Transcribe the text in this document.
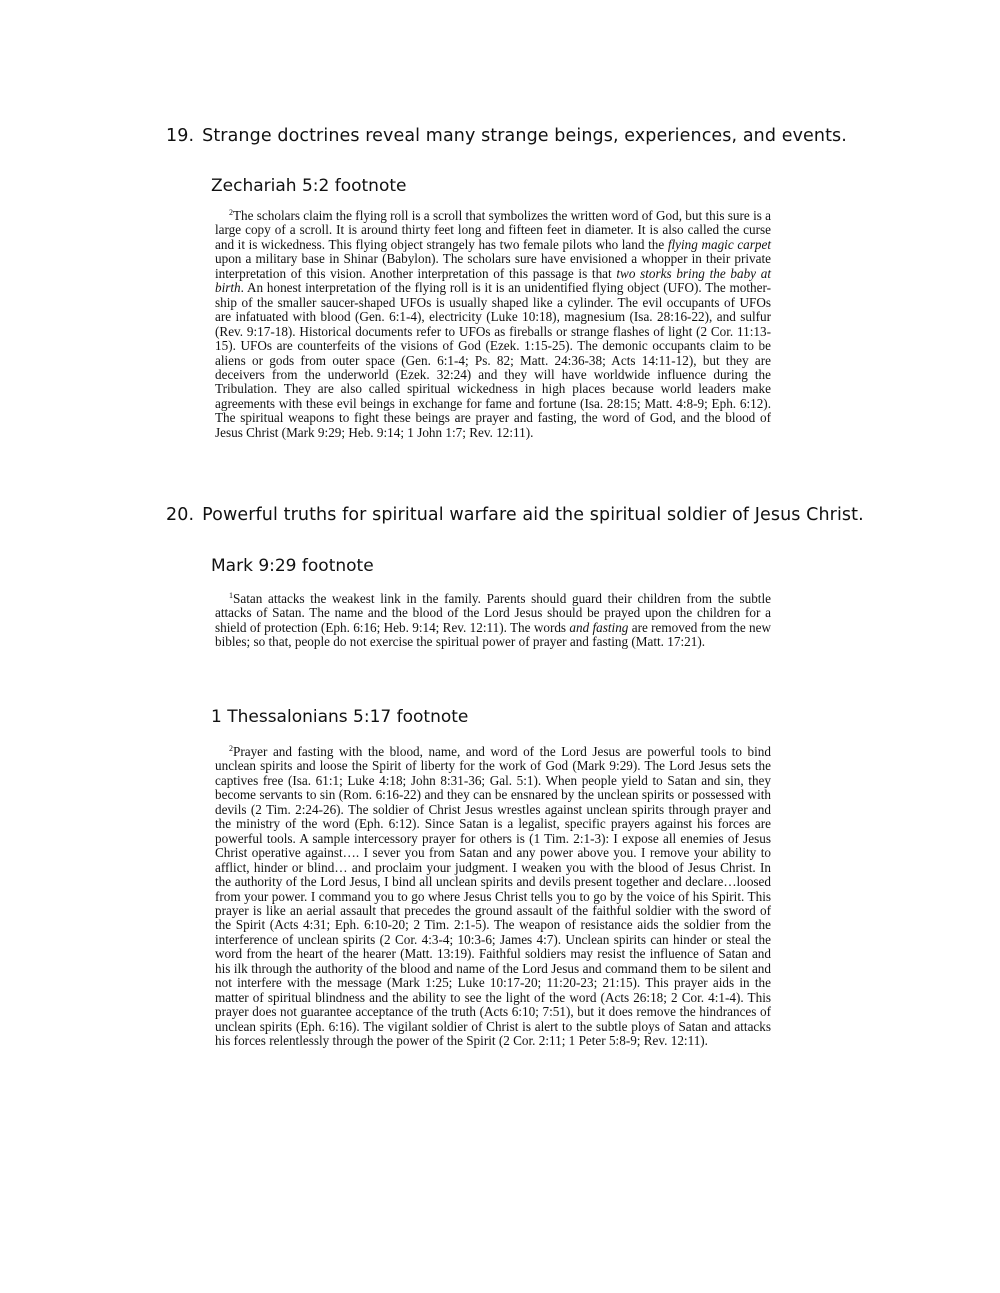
19. Strange doctrines reveal many strange beings, experiences, and events.
Zechariah 5:2 footnote

$^2$The scholars claim the flying roll is a scroll that symbolizes the written word of God, but this sure is a large copy of a scroll. It is around thirty feet long and fifteen feet in diameter. It is also called the curse and it is wickedness. This flying object strangely has two female pilots who land the flying magic carpet upon a military base in Shinar (Babylon). The scholars sure have envisioned a whopper in their private interpretation of this vision. Another interpretation of this passage is that two storks bring the baby at birth. An honest interpretation of the flying roll is it is an unidentified flying object (UFO). The mother-ship of the smaller saucer-shaped UFOs is usually shaped like a cylinder. The evil occupants of UFOs are infatuated with blood (Gen. 6:1-4), electricity (Luke 10:18), magnesium (Isa. 28:16-22), and sulfur (Rev. 9:17-18). Historical documents refer to UFOs as fireballs or strange flashes of light (2 Cor. 11:13-15). UFOs are counterfeits of the visions of God (Ezek. 1:15-25). The demonic occupants claim to be aliens or gods from outer space (Gen. 6:1-4; Ps. 82; Matt. 24:36-38; Acts 14:11-12), but they are deceivers from the underworld (Ezek. 32:24) and they will have worldwide influence during the Tribulation. They are also called spiritual wickedness in high places because world leaders make agreements with these evil beings in exchange for fame and fortune (Isa. 28:15; Matt. 4:8-9; Eph. 6:12). The spiritual weapons to fight these beings are prayer and fasting, the word of God, and the blood of Jesus Christ (Mark 9:29; Heb. 9:14; 1 John 1:7; Rev. 12:11).

20. Powerful truths for spiritual warfare aid the spiritual soldier of Jesus Christ.
Mark 9:29 footnote

$^1$Satan attacks the weakest link in the family. Parents should guard their children from the subtle attacks of Satan. The name and the blood of the Lord Jesus should be prayed upon the children for a shield of protection (Eph. 6:16; Heb. 9:14; Rev. 12:11). The words and fasting are removed from the new bibles; so that, people do not exercise the spiritual power of prayer and fasting (Matt. 17:21).

1 Thessalonians 5:17 footnote

$^2$Prayer and fasting with the blood, name, and word of the Lord Jesus are powerful tools to bind unclean spirits and loose the Spirit of liberty for the work of God (Mark 9:29). The Lord Jesus sets the captives free (Isa. 61:1; Luke 4:18; John 8:31-36; Gal. 5:1). When people yield to Satan and sin, they become servants to sin (Rom. 6:16-22) and they can be ensnared by the unclean spirits or possessed with devils (2 Tim. 2:24-26). The soldier of Christ Jesus wrestles against unclean spirits through prayer and the ministry of the word (Eph. 6:12). Since Satan is a legalist, specific prayers against his forces are powerful tools. A sample intercessory prayer for others is (1 Tim. 2:1-3): I expose all enemies of Jesus Christ operative against…. I sever you from Satan and any power above you. I remove your ability to afflict, hinder or blind… and proclaim your judgment. I weaken you with the blood of Jesus Christ. In the authority of the Lord Jesus, I bind all unclean spirits and devils present together and declare…loosed from your power. I command you to go where Jesus Christ tells you to go by the voice of his Spirit. This prayer is like an aerial assault that precedes the ground assault of the faithful soldier with the sword of the Spirit (Acts 4:31; Eph. 6:10-20; 2 Tim. 2:1-5). The weapon of resistance aids the soldier from the interference of unclean spirits (2 Cor. 4:3-4; 10:3-6; James 4:7). Unclean spirits can hinder or steal the word from the heart of the hearer (Matt. 13:19). Faithful soldiers may resist the influence of Satan and his ilk through the authority of the blood and name of the Lord Jesus and command them to be silent and not interfere with the message (Mark 1:25; Luke 10:17-20; 11:20-23; 21:15). This prayer aids in the matter of spiritual blindness and the ability to see the light of the word (Acts 26:18; 2 Cor. 4:1-4). This prayer does not guarantee acceptance of the truth (Acts 6:10; 7:51), but it does remove the hindrances of unclean spirits (Eph. 6:16). The vigilant soldier of Christ is alert to the subtle ploys of Satan and attacks his forces relentlessly through the power of the Spirit (2 Cor. 2:11; 1 Peter 5:8-9; Rev. 12:11).
